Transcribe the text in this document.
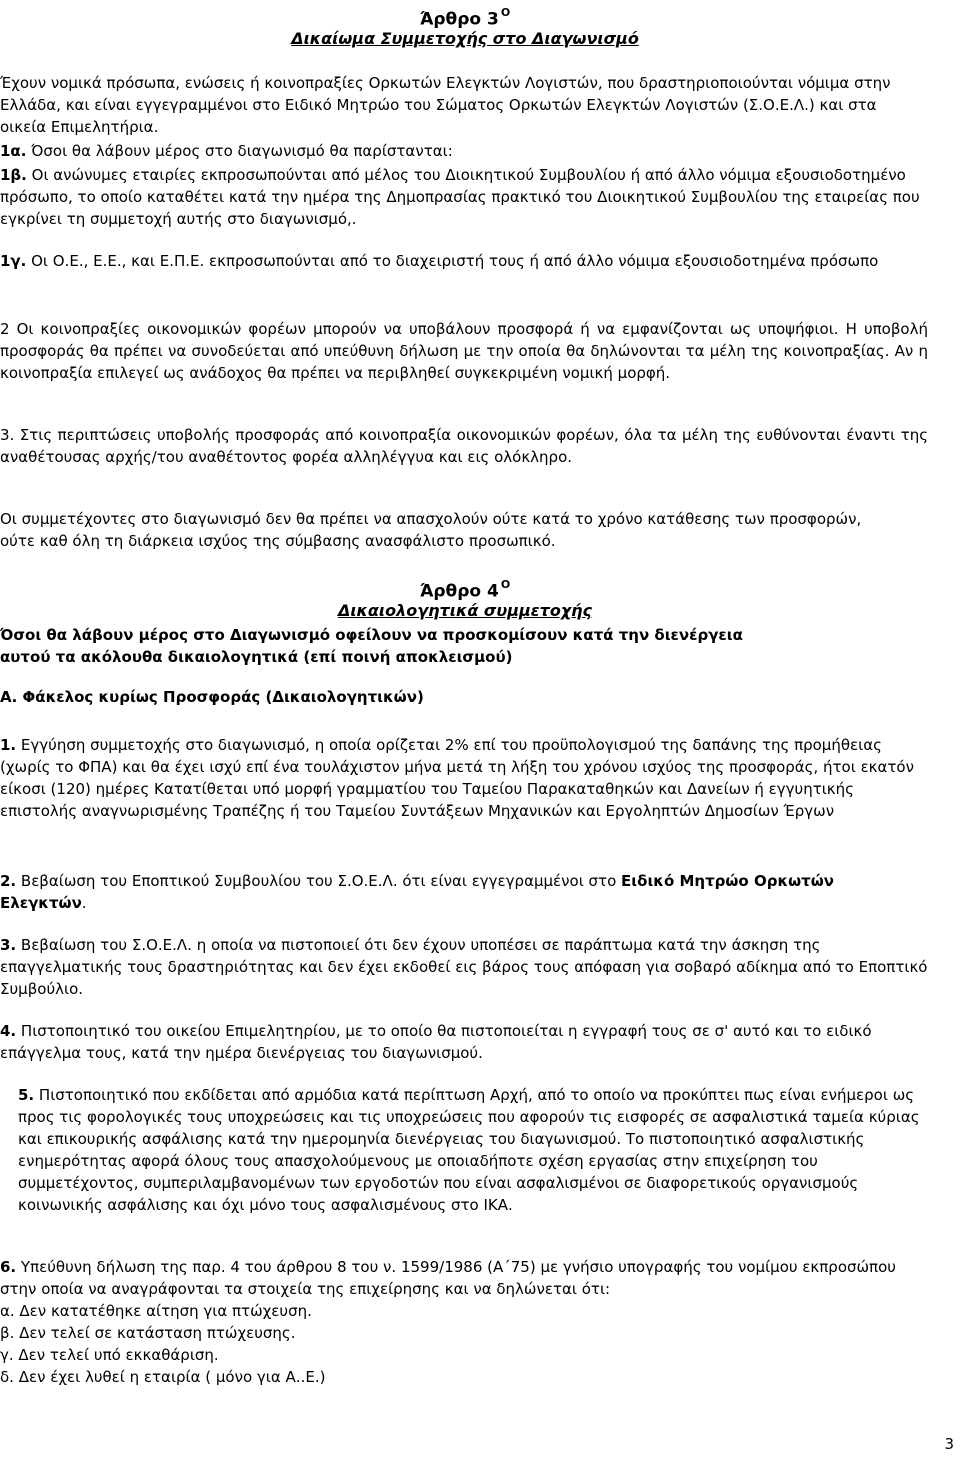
Άρθρο 3 $^O$
Δικαίωμα Συμμετοχής στο Διαγωνισμό

Έχουν νομικά πρόσωπα, ενώσεις ή κοινοπραξίες Ορκωτών Ελεγκτών Λογιστών, που δραστηριοποιούνται νόμιμα στην Ελλάδα, και είναι εγγεγραμμένοι στο Ειδικό Μητρώο του Σώματος Ορκωτών Ελεγκτών Λογιστών (Σ.Ο.Ε.Λ.) και στα οικεία Επιμελητήρια.

1α. Όσοι θα λάβουν μέρος στο διαγωνισμό θα παρίστανται:

1β. Οι ανώνυμες εταιρίες εκπροσωπούνται από μέλος του Διοικητικού Συμβουλίου ή από άλλο νόμιμα εξουσιοδοτημένο πρόσωπο, το οποίο καταθέτει κατά την ημέρα της Δημοπρασίας πρακτικό του Διοικητικού Συμβουλίου της εταιρείας που εγκρίνει τη συμμετοχή αυτής στο διαγωνισμό,.

1γ. Οι Ο.Ε., Ε.Ε., και Ε.Π.Ε. εκπροσωπούνται από το διαχειριστή τους ή από άλλο νόμιμα εξουσιοδοτημένα πρόσωπο

2 Οι κοινοπραξίες οικονομικών φορέων μπορούν να υποβάλουν προσφορά ή να εμφανίζονται ως υποψήφιοι. Η υποβολή προσφοράς θα πρέπει να συνοδεύεται από υπεύθυνη δήλωση με την οποία θα δηλώνονται τα μέλη της κοινοπραξίας. Αν η κοινοπραξία επιλεγεί ως ανάδοχος θα πρέπει να περιβληθεί συγκεκριμένη νομική μορφή.

3. Στις περιπτώσεις υποβολής προσφοράς από κοινοπραξία οικονομικών φορέων, όλα τα μέλη της ευθύνονται έναντι της αναθέτουσας αρχής/του αναθέτοντος φορέα αλληλέγγυα και εις ολόκληρο.

Οι συμμετέχοντες στο διαγωνισμό δεν θα πρέπει να απασχολούν ούτε κατά το χρόνο κατάθεσης των προσφορών, ούτε καθ όλη τη διάρκεια ισχύος της σύμβασης ανασφάλιστο προσωπικό.

Άρθρο 4 $^O$
Δικαιολογητικά συμμετοχής

Όσοι θα λάβουν μέρος στο Διαγωνισμό οφείλουν να προσκομίσουν κατά την διενέργεια αυτού τα ακόλουθα δικαιολογητικά (επί ποινή αποκλεισμού)

Α. Φάκελος κυρίως Προσφοράς (Δικαιολογητικών)

1. Εγγύηση συμμετοχής στο διαγωνισμό, η οποία ορίζεται 2% επί του προϋπολογισμού της δαπάνης της προμήθειας (χωρίς το ΦΠΑ) και θα έχει ισχύ επί ένα τουλάχιστον μήνα μετά τη λήξη του χρόνου ισχύος της προσφοράς, ήτοι εκατόν είκοσι (120) ημέρες Κατατίθεται υπό μορφή γραμματίου του Ταμείου Παρακαταθηκών και Δανείων ή εγγυητικής επιστολής αναγνωρισμένης Τραπέζης ή του Ταμείου Συντάξεων Μηχανικών και Εργοληπτών Δημοσίων Έργων

2. Βεβαίωση του Εποπτικού Συμβουλίου του Σ.Ο.Ε.Λ. ότι είναι εγγεγραμμένοι στο Ειδικό Μητρώο Ορκωτών Ελεγκτών.

3. Βεβαίωση του Σ.Ο.Ε.Λ. η οποία να πιστοποιεί ότι δεν έχουν υποπέσει σε παράπτωμα κατά την άσκηση της επαγγελματικής τους δραστηριότητας και δεν έχει εκδοθεί εις βάρος τους απόφαση για σοβαρό αδίκημα από το Εποπτικό Συμβούλιο.

4. Πιστοποιητικό του οικείου Επιμελητηρίου, με το οποίο θα πιστοποιείται η εγγραφή τους σε σ' αυτό και το ειδικό επάγγελμα τους, κατά την ημέρα διενέργειας του διαγωνισμού.

5. Πιστοποιητικό που εκδίδεται από αρμόδια κατά περίπτωση Αρχή, από το οποίο να προκύπτει πως είναι ενήμεροι ως προς τις φορολογικές τους υποχρεώσεις και τις υποχρεώσεις που αφορούν τις εισφορές σε ασφαλιστικά ταμεία κύριας και επικουρικής ασφάλισης κατά την ημερομηνία διενέργειας του διαγωνισμού. Το πιστοποιητικό ασφαλιστικής ενημερότητας αφορά όλους τους απασχολούμενους με οποιαδήποτε σχέση εργασίας στην επιχείρηση του συμμετέχοντος, συμπεριλαμβανομένων των εργοδοτών που είναι ασφαλισμένοι σε διαφορετικούς οργανισμούς κοινωνικής ασφάλισης και όχι μόνο τους ασφαλισμένους στο ΙΚΑ.

6. Υπεύθυνη δήλωση της παρ. 4 του άρθρου 8 του ν. 1599/1986 (Α΄75) με γνήσιο υπογραφής του νομίμου εκπροσώπου στην οποία να αναγράφονται τα στοιχεία της επιχείρησης και να δηλώνεται ότι:

α. Δεν κατατέθηκε αίτηση για πτώχευση.

β. Δεν τελεί σε κατάσταση πτώχευσης.

γ. Δεν τελεί υπό εκκαθάριση.

δ. Δεν έχει λυθεί η εταιρία ( μόνο για Α..Ε.)

3
